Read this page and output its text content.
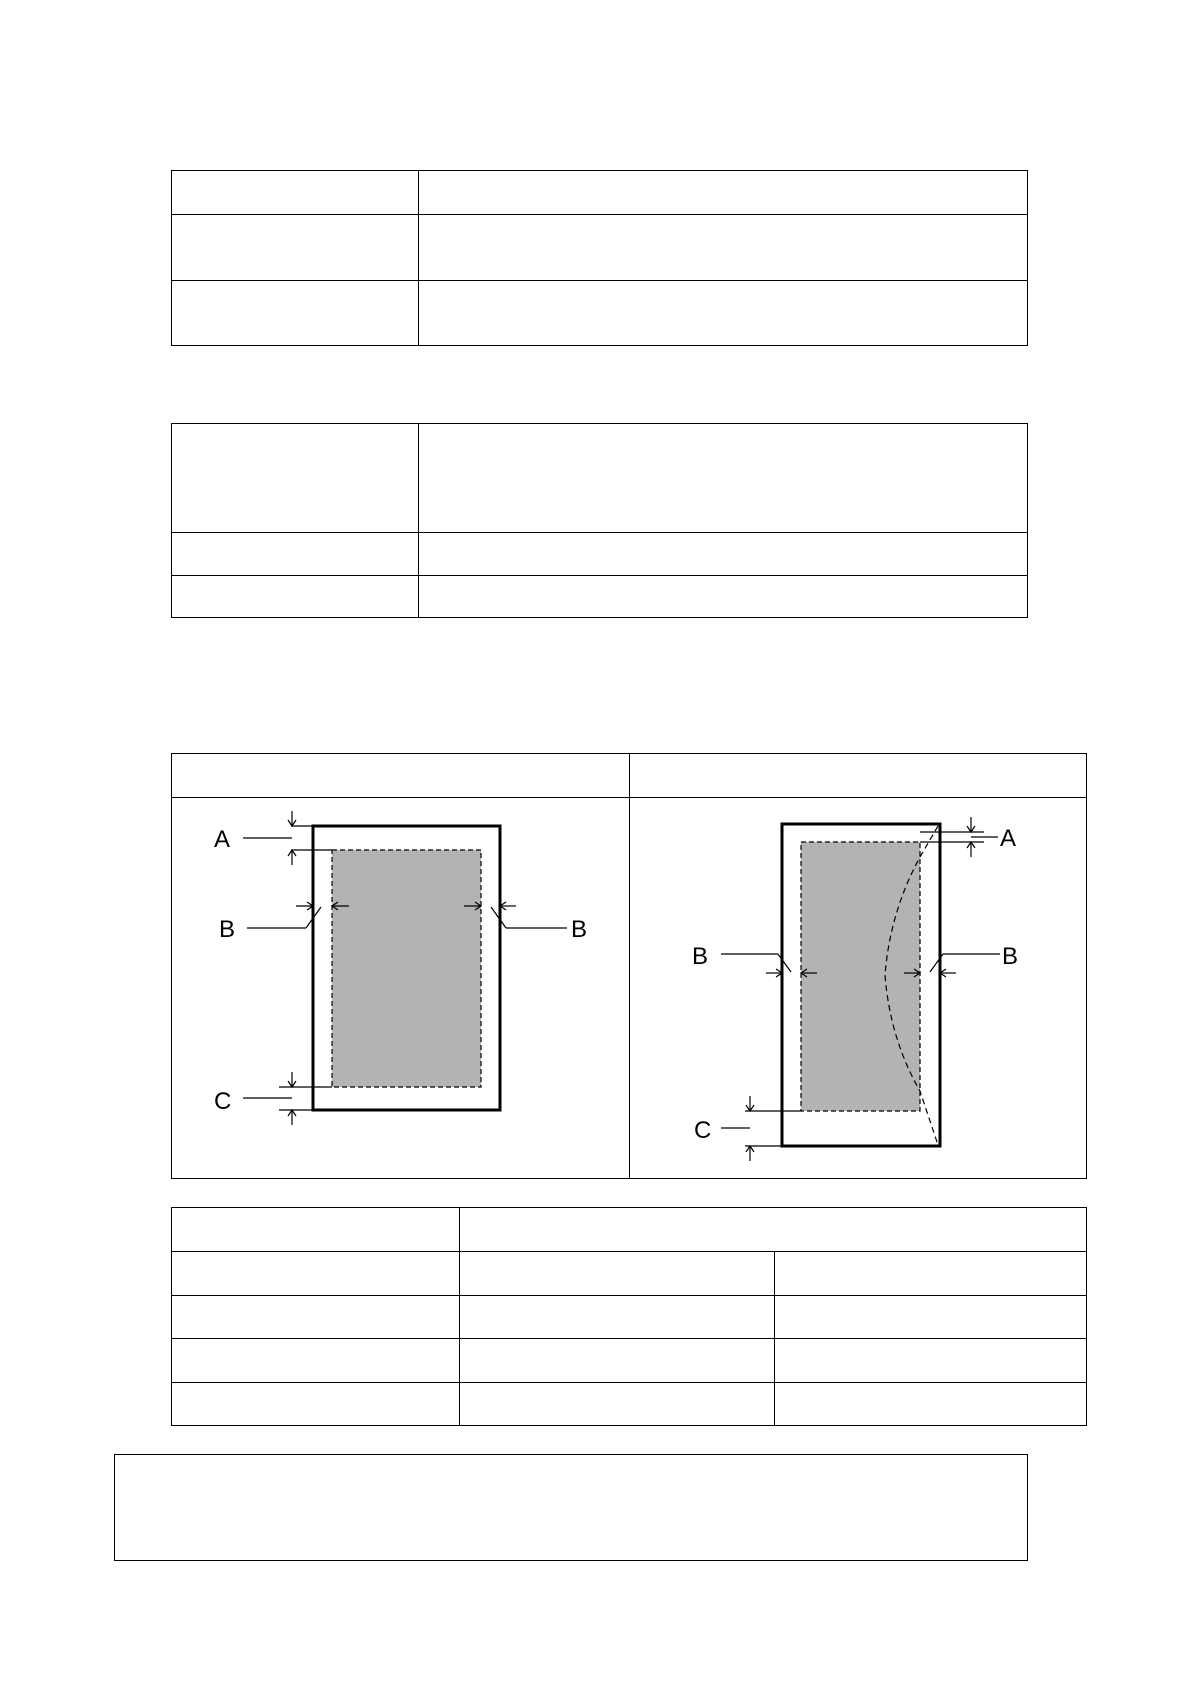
A
B	B
C
A
B	B
C
